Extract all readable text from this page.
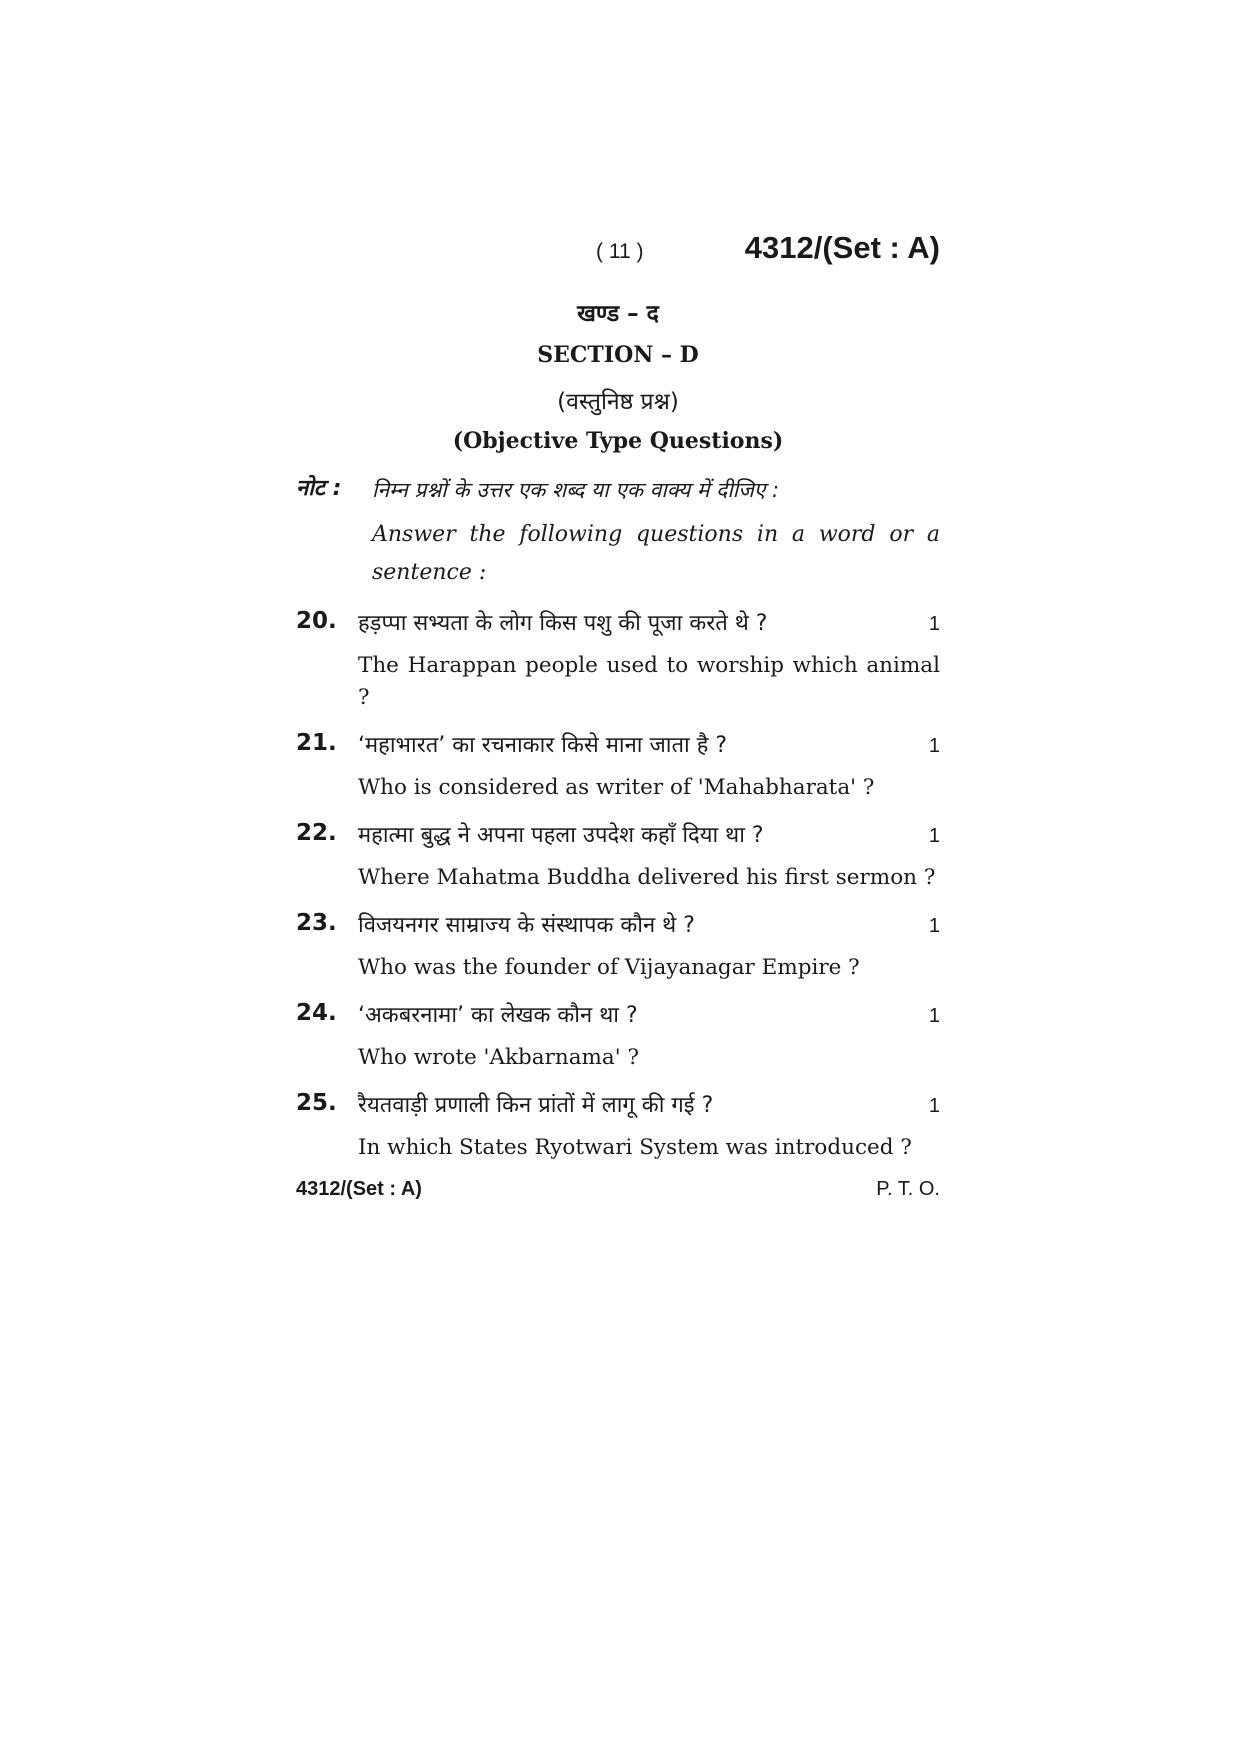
( 11 )	4312/(Set : A)
खण्ड – द
SECTION – D
(वस्तुनिष्ठ प्रश्न)
(Objective Type Questions)
नोट : निम्न प्रश्नों के उत्तर एक शब्द या एक वाक्य में दीजिए :
Answer the following questions in a word or a sentence :
20. हड़प्पा सभ्यता के लोग किस पशु की पूजा करते थे ?	1
The Harappan people used to worship which animal ?
21. ‘महाभारत’ का रचनाकार किसे माना जाता है ?	1
Who is considered as writer of 'Mahabharata' ?
22. महात्मा बुद्ध ने अपना पहला उपदेश कहाँ दिया था ?	1
Where Mahatma Buddha delivered his first sermon ?
23. विजयनगर साम्राज्य के संस्थापक कौन थे ?	1
Who was the founder of Vijayanagar Empire ?
24. ‘अकबरनामा’ का लेखक कौन था ?	1
Who wrote 'Akbarnama' ?
25. रैयतवाड़ी प्रणाली किन प्रांतों में लागू की गई ?	1
In which States Ryotwari System was introduced ?
4312/(Set : A)	P. T. O.
